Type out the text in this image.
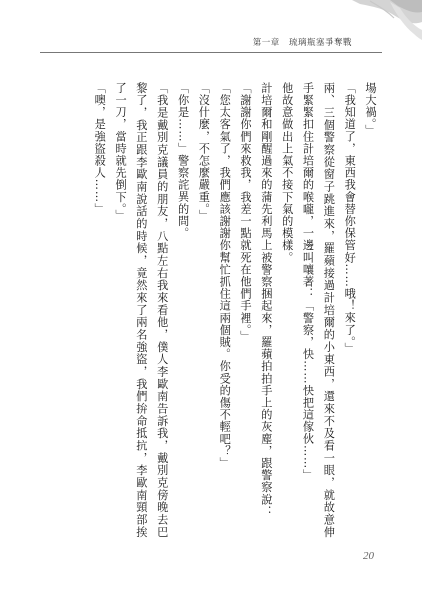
第一章 琉璃瓶塞爭奪戰

場大禍。」

「我知道了，東西我會替你保管好……哦！來了。」

兩、三個警察從窗子跳進來，羅蘋接過計培爾的小東西，還來不及看一眼，就故意伸手緊緊扣住計培爾的喉嚨，一邊叫嚷著：「警察，快……快把這傢伙……」

他故意做出上氣不接下氣的模樣。

計培爾和剛醒過來的蒲先利馬上被警察捆起來，羅蘋拍拍手上的灰塵，跟警察說：

「謝謝你們來救我，我差一點就死在他們手裡。」

「您太客氣了，我們應該謝謝你幫忙抓住這兩個賊。你受的傷不輕吧？」

「沒什麼，不怎麼嚴重。」

「你是……」警察詫異的問。

「我是戴別克議員的朋友，八點左右我來看他，僕人李歐南告訴我，戴別克傍晚去巴黎了，我正跟李歐南說話的時候，竟然來了兩名強盜，我們拚命抵抗，李歐南頸部挨了一刀，當時就先倒下。」

「噢，是強盜殺人……」

20
